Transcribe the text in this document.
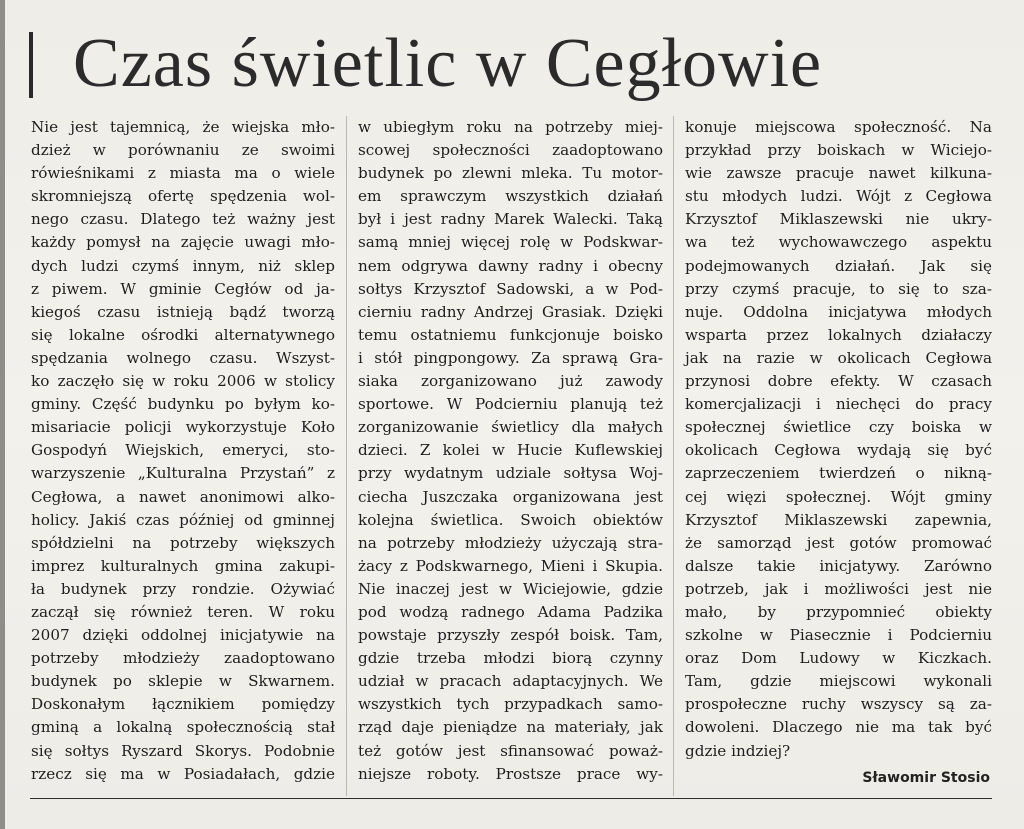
Czas świetlic w Cegłowie

Nie jest tajemnicą, że wiejska mło-

dzież w porównaniu ze swoimi

rówieśnikami z miasta ma o wiele

skromniejszą ofertę spędzenia wol-

nego czasu. Dlatego też ważny jest

każdy pomysł na zajęcie uwagi mło-

dych ludzi czymś innym, niż sklep

z piwem. W gminie Cegłów od ja-

kiegoś czasu istnieją bądź tworzą

się lokalne ośrodki alternatywnego

spędzania wolnego czasu. Wszyst-

ko zaczęło się w roku 2006 w stolicy

gminy. Część budynku po byłym ko-

misariacie policji wykorzystuje Koło

Gospodyń Wiejskich, emeryci, sto-

warzyszenie „Kulturalna Przystań” z

Cegłowa, a nawet anonimowi alko-

holicy. Jakiś czas później od gminnej

spółdzielni na potrzeby większych

imprez kulturalnych gmina zakupi-

ła budynek przy rondzie. Ożywiać

zaczął się również teren. W roku

2007 dzięki oddolnej inicjatywie na

potrzeby młodzieży zaadoptowano

budynek po sklepie w Skwarnem.

Doskonałym łącznikiem pomiędzy

gminą a lokalną społecznością stał

się sołtys Ryszard Skorys. Podobnie

rzecz się ma w Posiadałach, gdzie

w ubiegłym roku na potrzeby miej-

scowej społeczności zaadoptowano

budynek po zlewni mleka. Tu motor-

em sprawczym wszystkich działań

był i jest radny Marek Walecki. Taką

samą mniej więcej rolę w Podskwar-

nem odgrywa dawny radny i obecny

sołtys Krzysztof Sadowski, a w Pod-

cierniu radny Andrzej Grasiak. Dzięki

temu ostatniemu funkcjonuje boisko

i stół pingpongowy. Za sprawą Gra-

siaka zorganizowano już zawody

sportowe. W Podcierniu planują też

zorganizowanie świetlicy dla małych

dzieci. Z kolei w Hucie Kuflewskiej

przy wydatnym udziale sołtysa Woj-

ciecha Juszczaka organizowana jest

kolejna świetlica. Swoich obiektów

na potrzeby młodzieży użyczają stra-

żacy z Podskwarnego, Mieni i Skupia.

Nie inaczej jest w Wiciejowie, gdzie

pod wodzą radnego Adama Padzika

powstaje przyszły zespół boisk. Tam,

gdzie trzeba młodzi biorą czynny

udział w pracach adaptacyjnych. We

wszystkich tych przypadkach samo-

rząd daje pieniądze na materiały, jak

też gotów jest sfinansować poważ-

niejsze roboty. Prostsze prace wy-

konuje miejscowa społeczność. Na

przykład przy boiskach w Wiciejo-

wie zawsze pracuje nawet kilkuna-

stu młodych ludzi. Wójt z Cegłowa

Krzysztof Miklaszewski nie ukry-

wa też wychowawczego aspektu

podejmowanych działań. Jak się

przy czymś pracuje, to się to sza-

nuje. Oddolna inicjatywa młodych

wsparta przez lokalnych działaczy

jak na razie w okolicach Cegłowa

przynosi dobre efekty. W czasach

komercjalizacji i niechęci do pracy

społecznej świetlice czy boiska w

okolicach Cegłowa wydają się być

zaprzeczeniem twierdzeń o nikną-

cej więzi społecznej. Wójt gminy

Krzysztof Miklaszewski zapewnia,

że samorząd jest gotów promować

dalsze takie inicjatywy. Zarówno

potrzeb, jak i możliwości jest nie

mało, by przypomnieć obiekty

szkolne w Piasecznie i Podcierniu

oraz Dom Ludowy w Kiczkach.

Tam, gdzie miejscowi wykonali

prospołeczne ruchy wszyscy są za-

dowoleni. Dlaczego nie ma tak być

gdzie indziej?

Sławomir Stosio
